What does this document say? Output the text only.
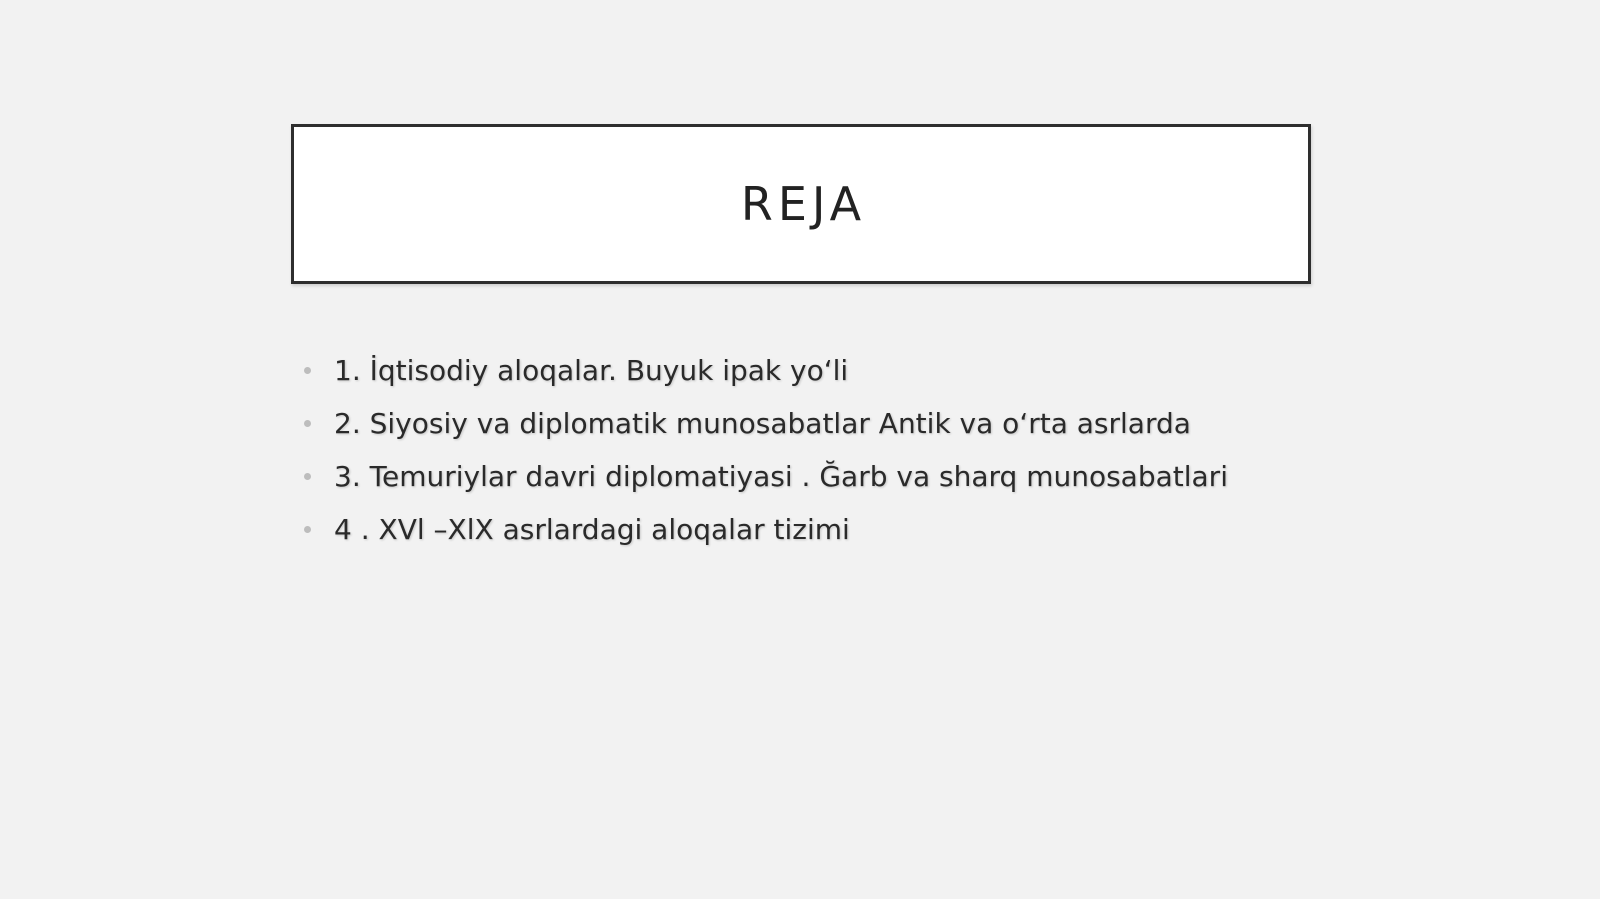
REJA
1. İqtisodiy aloqalar. Buyuk ipak yo‘li
2. Siyosiy va diplomatik munosabatlar Antik va o‘rta asrlarda
3. Temuriylar davri diplomatiyasi . Ğarb va sharq munosabatlari
4 . XVl –XlX asrlardagi aloqalar tizimi
